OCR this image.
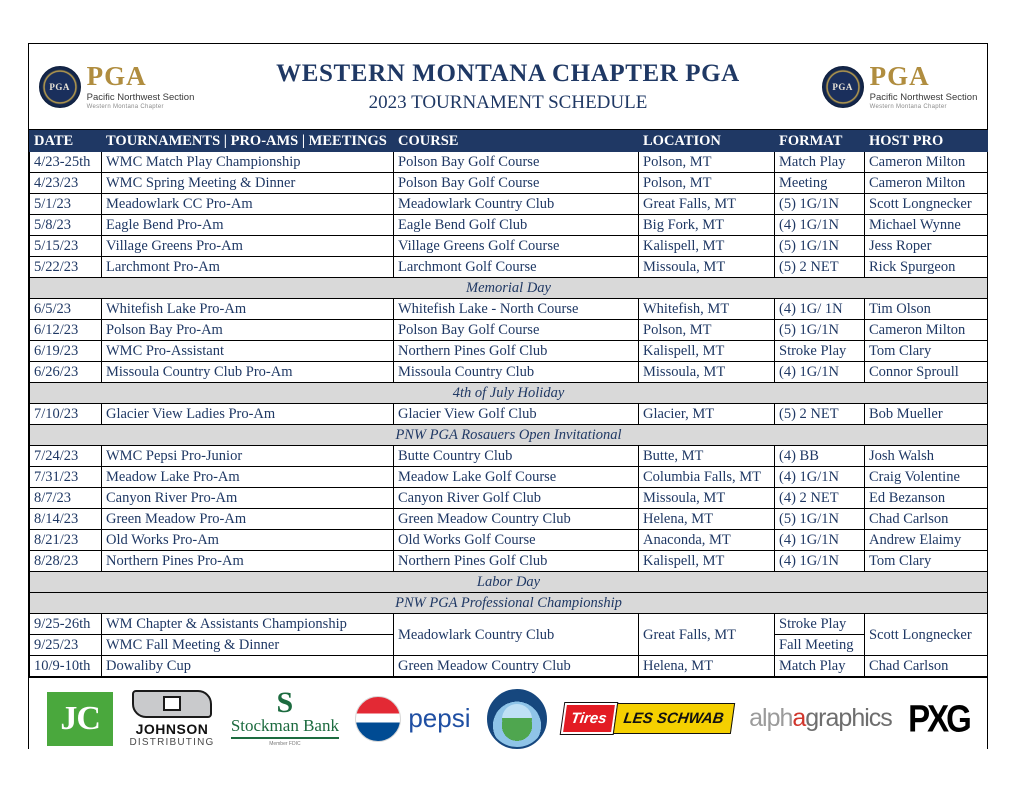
PGA PGA
Pacific Northwest Section
Western Montana Chapter
WESTERN MONTANA CHAPTER PGA
2023 TOURNAMENT SCHEDULE
PGA PGA
Pacific Northwest Section
Western Montana Chapter
DATE	TOURNAMENTS | PRO-AMS | MEETINGS	COURSE	LOCATION	FORMAT	HOST PRO
4/23-25th	WMC Match Play Championship	Polson Bay Golf Course	Polson, MT	Match Play	Cameron Milton
4/23/23	WMC Spring Meeting & Dinner	Polson Bay Golf Course	Polson, MT	Meeting	Cameron Milton
5/1/23	Meadowlark CC Pro-Am	Meadowlark Country Club	Great Falls, MT	(5) 1G/1N	Scott Longnecker
5/8/23	Eagle Bend Pro-Am	Eagle Bend Golf Club	Big Fork, MT	(4) 1G/1N	Michael Wynne
5/15/23	Village Greens Pro-Am	Village Greens Golf Course	Kalispell, MT	(5) 1G/1N	Jess Roper
5/22/23	Larchmont Pro-Am	Larchmont Golf Course	Missoula, MT	(5) 2 NET	Rick Spurgeon
Memorial Day					
6/5/23	Whitefish Lake Pro-Am	Whitefish Lake - North Course	Whitefish, MT	(4) 1G/ 1N	Tim Olson
6/12/23	Polson Bay Pro-Am	Polson Bay Golf Course	Polson, MT	(5) 1G/1N	Cameron Milton
6/19/23	WMC Pro-Assistant	Northern Pines Golf Club	Kalispell, MT	Stroke Play	Tom Clary
6/26/23	Missoula Country Club Pro-Am	Missoula Country Club	Missoula, MT	(4) 1G/1N	Connor Sproull
4th of July Holiday					
7/10/23	Glacier View Ladies Pro-Am	Glacier View Golf Club	Glacier, MT	(5) 2 NET	Bob Mueller
PNW PGA Rosauers Open Invitational					
7/24/23	WMC Pepsi Pro-Junior	Butte Country Club	Butte, MT	(4) BB	Josh Walsh
7/31/23	Meadow Lake Pro-Am	Meadow Lake Golf Course	Columbia Falls, MT	(4) 1G/1N	Craig Volentine
8/7/23	Canyon River Pro-Am	Canyon River Golf Club	Missoula, MT	(4) 2 NET	Ed Bezanson
8/14/23	Green Meadow Pro-Am	Green Meadow Country Club	Helena, MT	(5) 1G/1N	Chad Carlson
8/21/23	Old Works Pro-Am	Old Works Golf Course	Anaconda, MT	(4) 1G/1N	Andrew Elaimy
8/28/23	Northern Pines Pro-Am	Northern Pines Golf Club	Kalispell, MT	(4) 1G/1N	Tom Clary
Labor Day					
PNW PGA Professional Championship					
9/25-26th	WM Chapter & Assistants Championship	Meadowlark Country Club	Great Falls, MT	Stroke Play	Scott Longnecker
9/25/23	WMC Fall Meeting & Dinner			Fall Meeting	
10/9-10th	Dowaliby Cup	Green Meadow Country Club	Helena, MT	Match Play	Chad Carlson
JC	JOHNSON
DISTRIBUTING
S
Stockman Bank
Member FDIC
pepsi	Tires LES SCHWAB alphagraphics PXG
